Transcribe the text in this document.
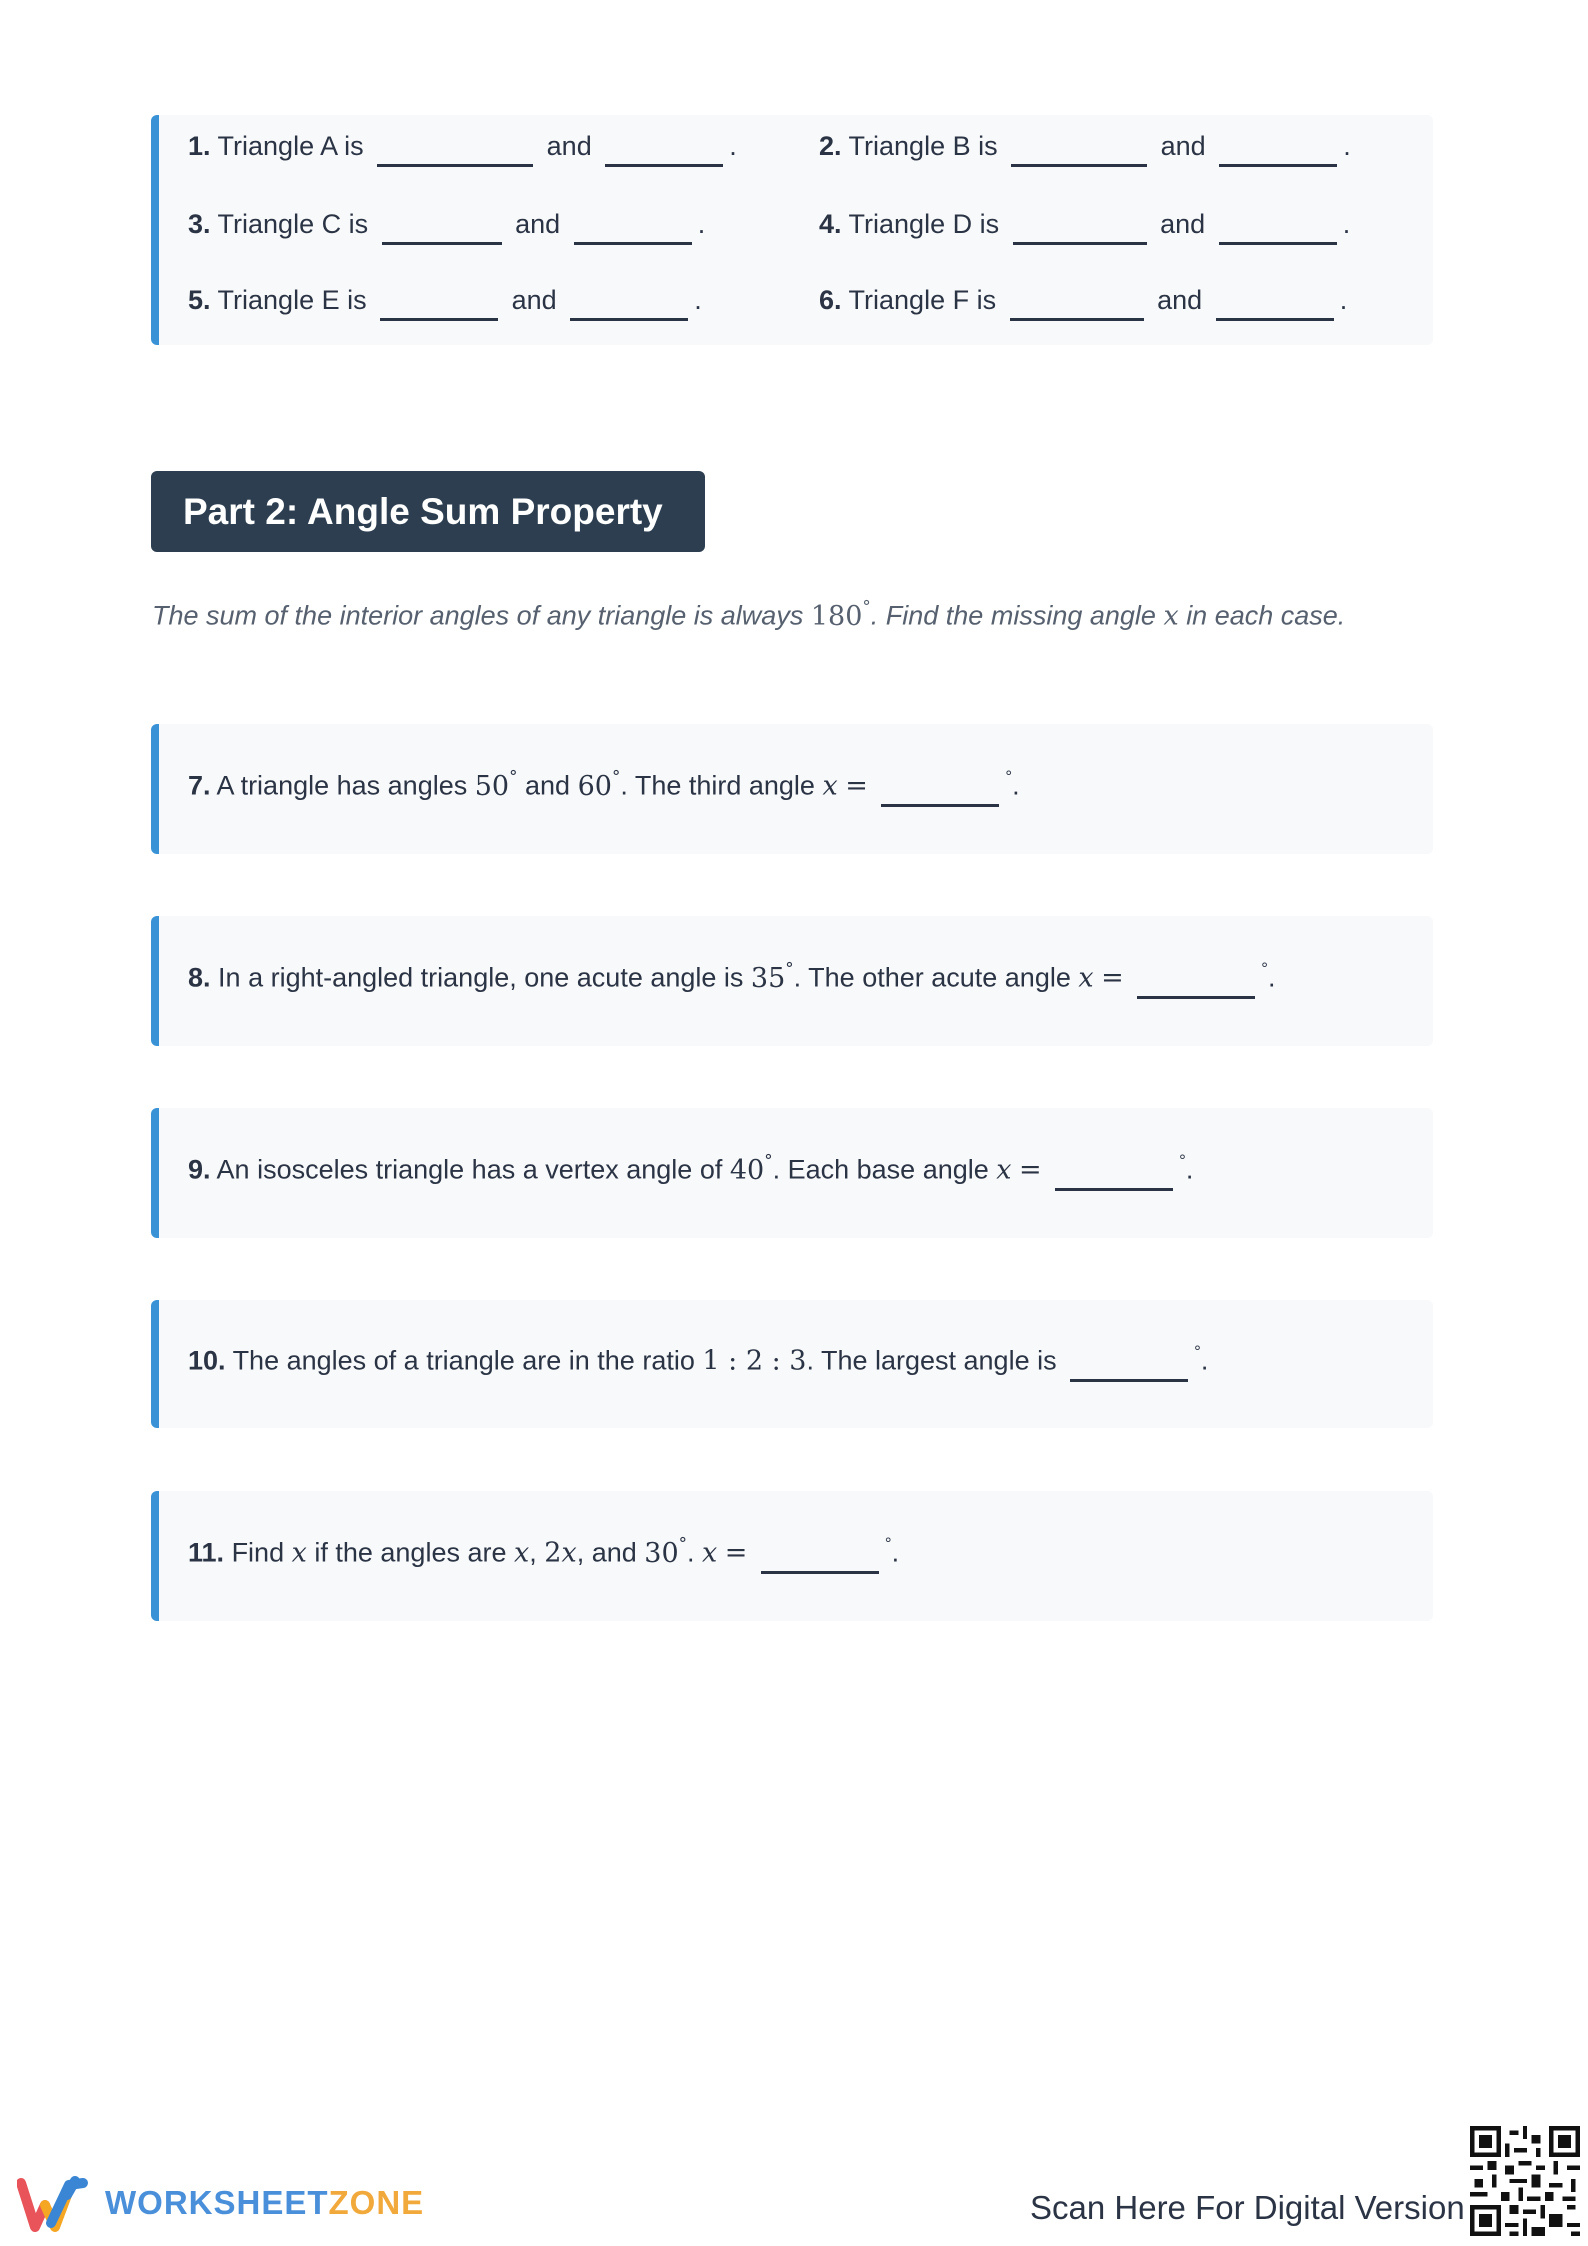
1. Triangle A is	and	.	2. Triangle B is	and	.
3. Triangle C is	and	.	4. Triangle D is	and	.
5. Triangle E is	and	.	6. Triangle F is	and	.
Part 2: Angle Sum Property
The sum of the interior angles of any triangle is always 180°. Find the missing angle x in each case.
7. A triangle has angles 50° and 60°. The third angle x =	°.
8. In a right-angled triangle, one acute angle is 35°. The other acute angle x =	°.
9. An isosceles triangle has a vertex angle of 40°. Each base angle x =	°.
10. The angles of a triangle are in the ratio 1 : 2 : 3. The largest angle is	°.
11. Find x if the angles are x, 2x, and 30°. x =	°.
WORKSHEETZONE	Scan Here For Digital Version
